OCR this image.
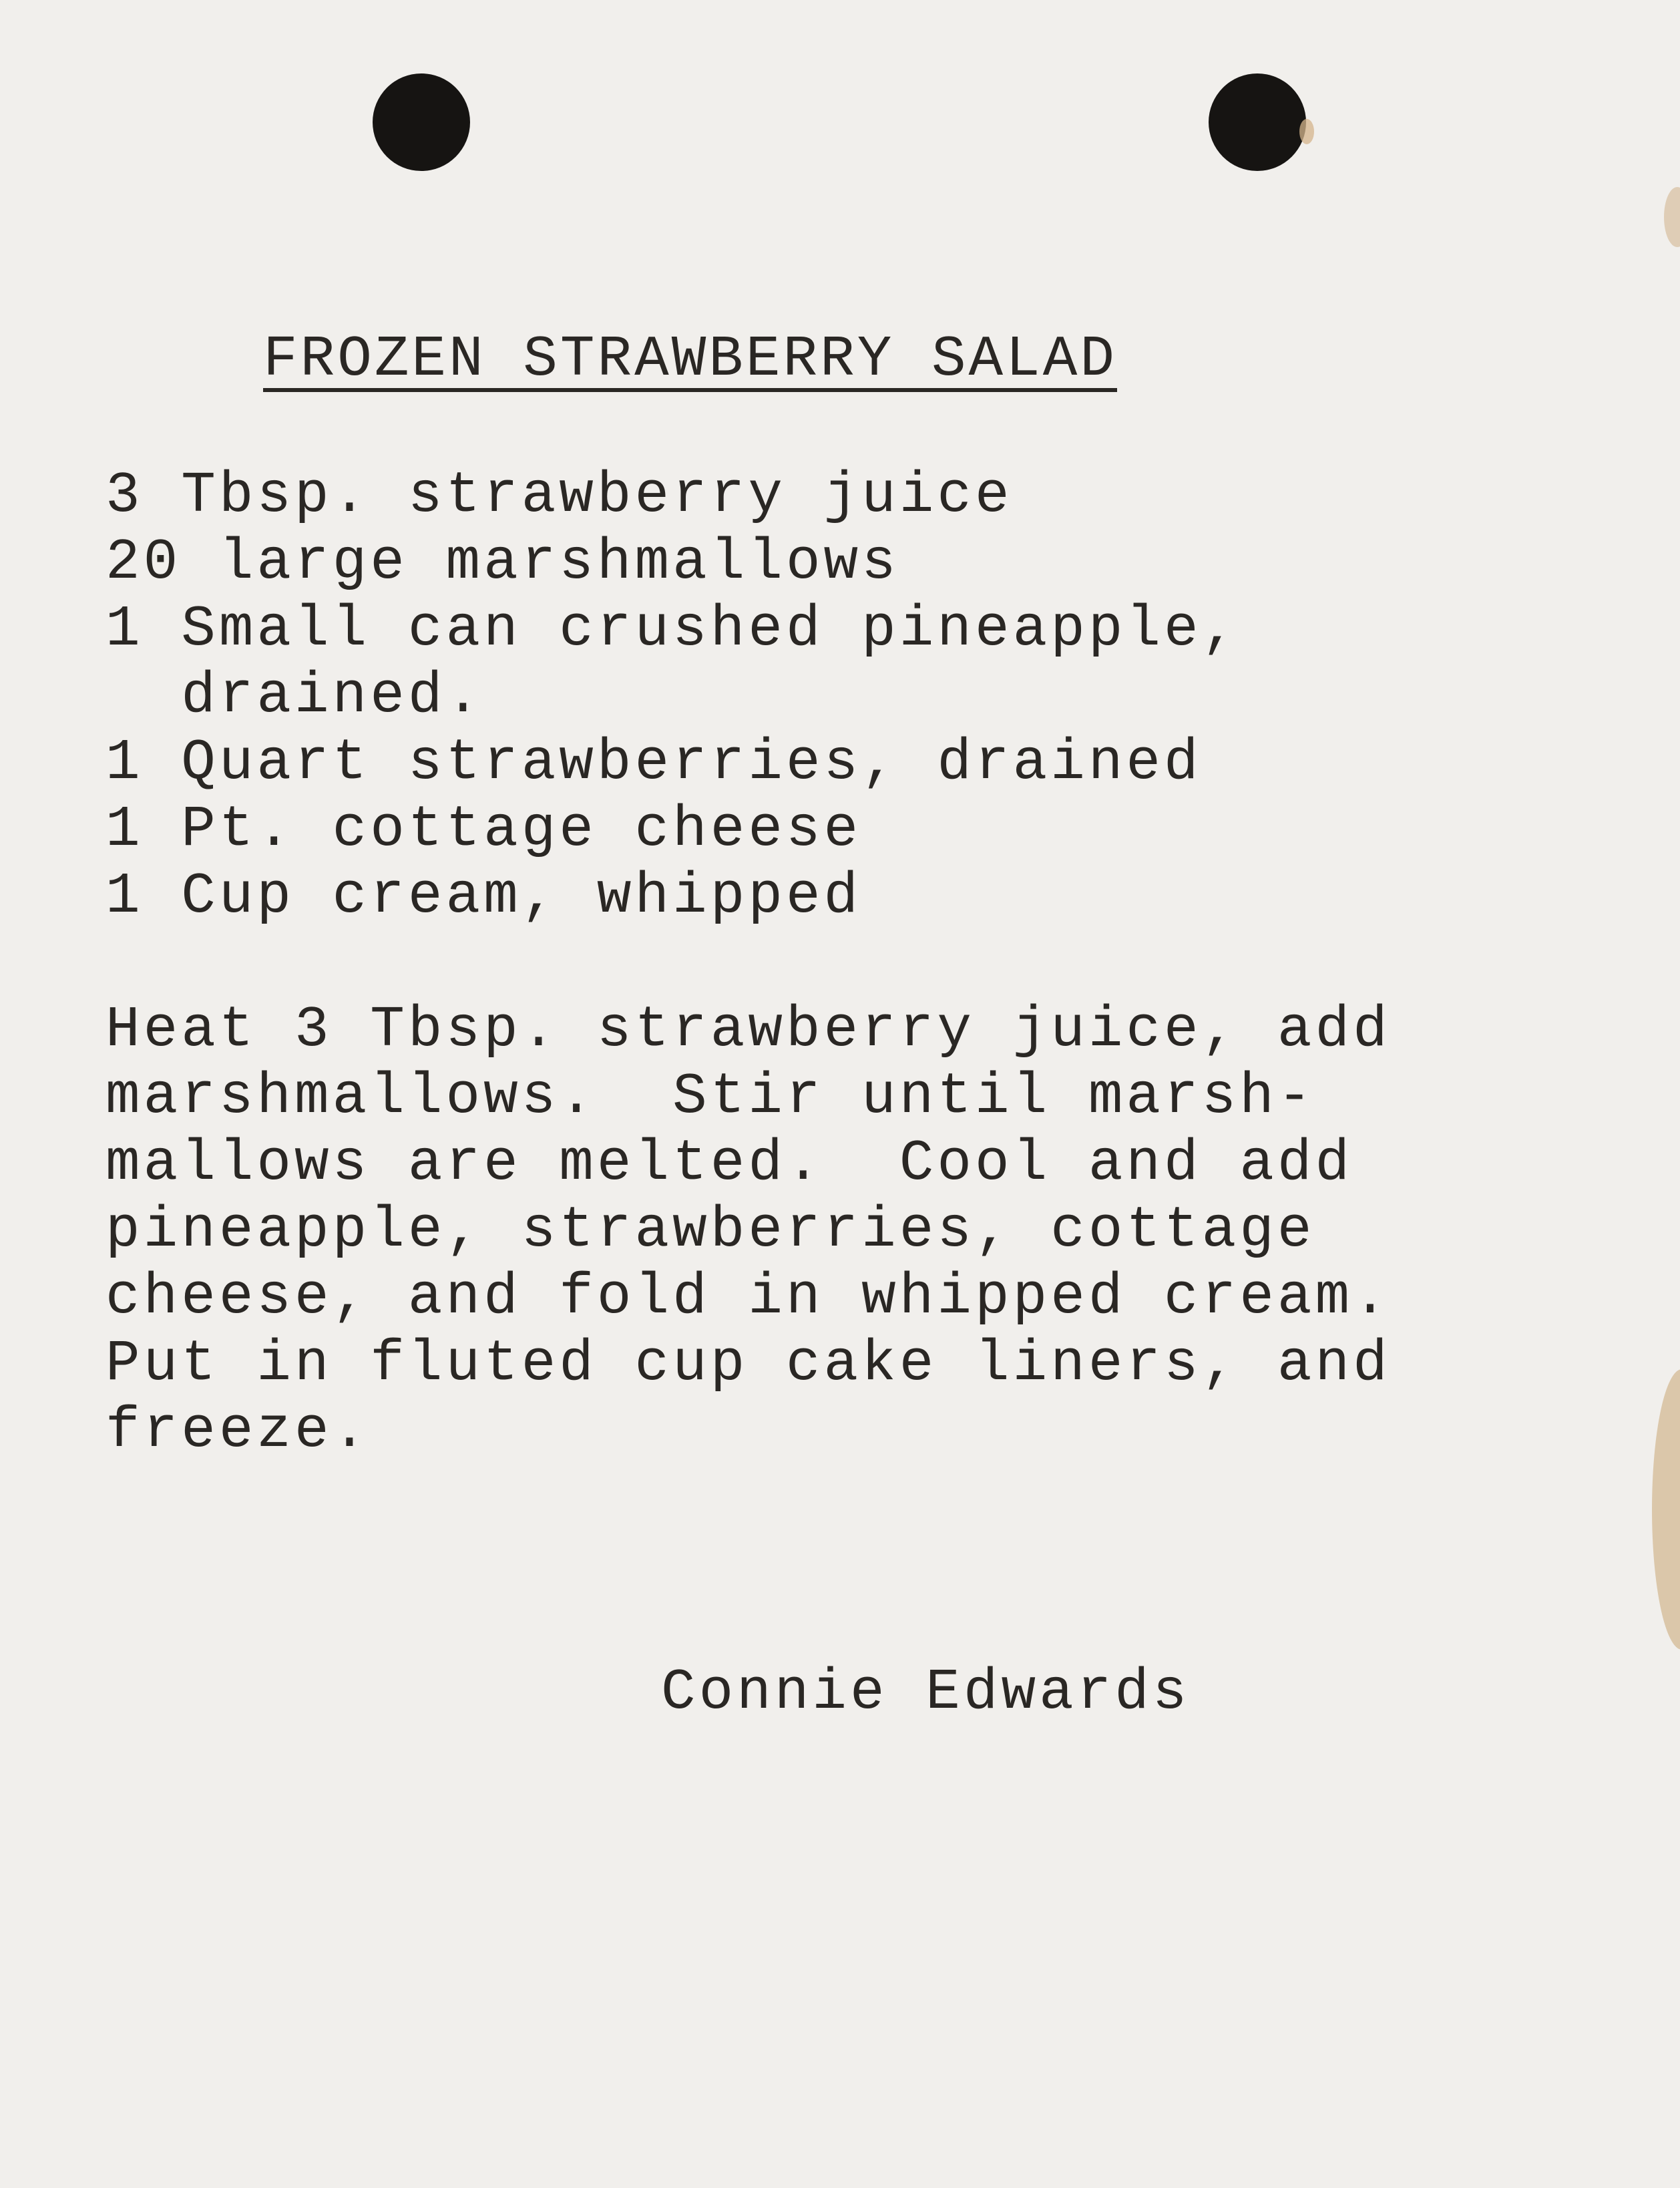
FROZEN STRAWBERRY SALAD
3 Tbsp. strawberry juice
20 large marshmallows
1 Small can crushed pineapple,
drained.
1 Quart strawberries, drained
1 Pt. cottage cheese
1 Cup cream, whipped

Heat 3 Tbsp. strawberry juice, add
marshmallows.  Stir until marsh-
mallows are melted.  Cool and add
pineapple, strawberries, cottage
cheese, and fold in whipped cream.
Put in fluted cup cake liners, and
freeze.

Connie Edwards
